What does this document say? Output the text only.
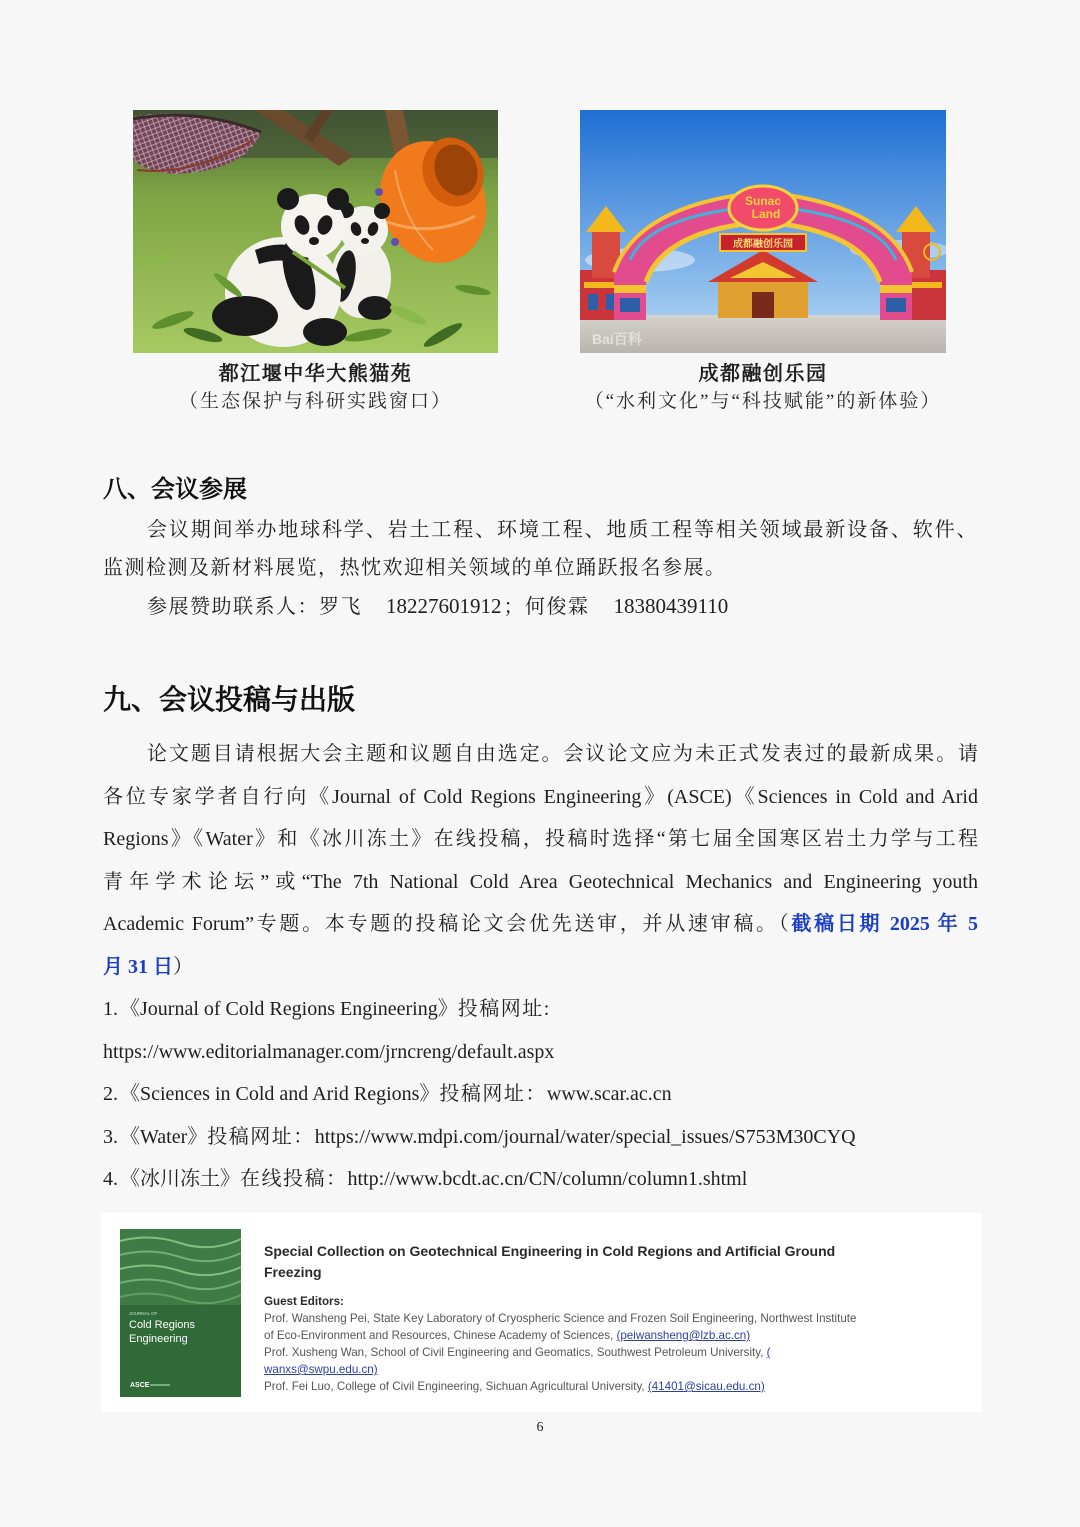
Sunac
Land
成都融创乐园
Bai百科
都江堰中华大熊猫苑
（生态保护与科研实践窗口）
成都融创乐园
（“水利文化”与“科技赋能”的新体验）
八、会议参展
会议期间举办地球科学、岩土工程、环境工程、地质工程等相关领域最新设备、软件、
监测检测及新材料展览，热忱欢迎相关领域的单位踊跃报名参展。
参展赞助联系人：罗飞 18227601912 ；何俊霖 18380439110
九、会议投稿与出版
论文题目请根据大会主题和议题自由选定。会议论文应为未正式发表过的最新成果。请
各位专家学者自行向《Journal of Cold Regions Engineering》(ASCE)《Sciences in Cold and Arid
Regions》《Water》和《冰川冻土》在线投稿，投稿时选择“第七届全国寒区岩土力学与工程
青年学术论坛”或“The 7th National Cold Area Geotechnical Mechanics and Engineering youth
Academic Forum”专题。本专题的投稿论文会优先送审，并从速审稿。（截稿日期 2025 年 5
月 31 日）
1. 《Journal of Cold Regions Engineering》投稿网址:
https://www.editorialmanager.com/jrncreng/default.aspx
2. 《Sciences in Cold and Arid Regions》投稿网址：www.scar.ac.cn
3. 《Water》投稿网址：https://www.mdpi.com/journal/water/special_issues/S753M30CYQ
4. 《冰川冻土》在线投稿：http://www.bcdt.ac.cn/CN/column/column1.shtml
JOURNAL OF
Cold Regions
Engineering
ASCE
Special Collection on Geotechnical Engineering in Cold Regions and Artificial Ground
Freezing
Guest Editors:
Prof. Wansheng Pei, State Key Laboratory of Cryospheric Science and Frozen Soil Engineering, Northwest Institute
of Eco-Environment and Resources, Chinese Academy of Sciences, (peiwansheng@lzb.ac.cn)
Prof. Xusheng Wan, School of Civil Engineering and Geomatics, Southwest Petroleum University, (
wanxs@swpu.edu.cn)
Prof. Fei Luo, College of Civil Engineering, Sichuan Agricultural University, (41401@sicau.edu.cn)
6
